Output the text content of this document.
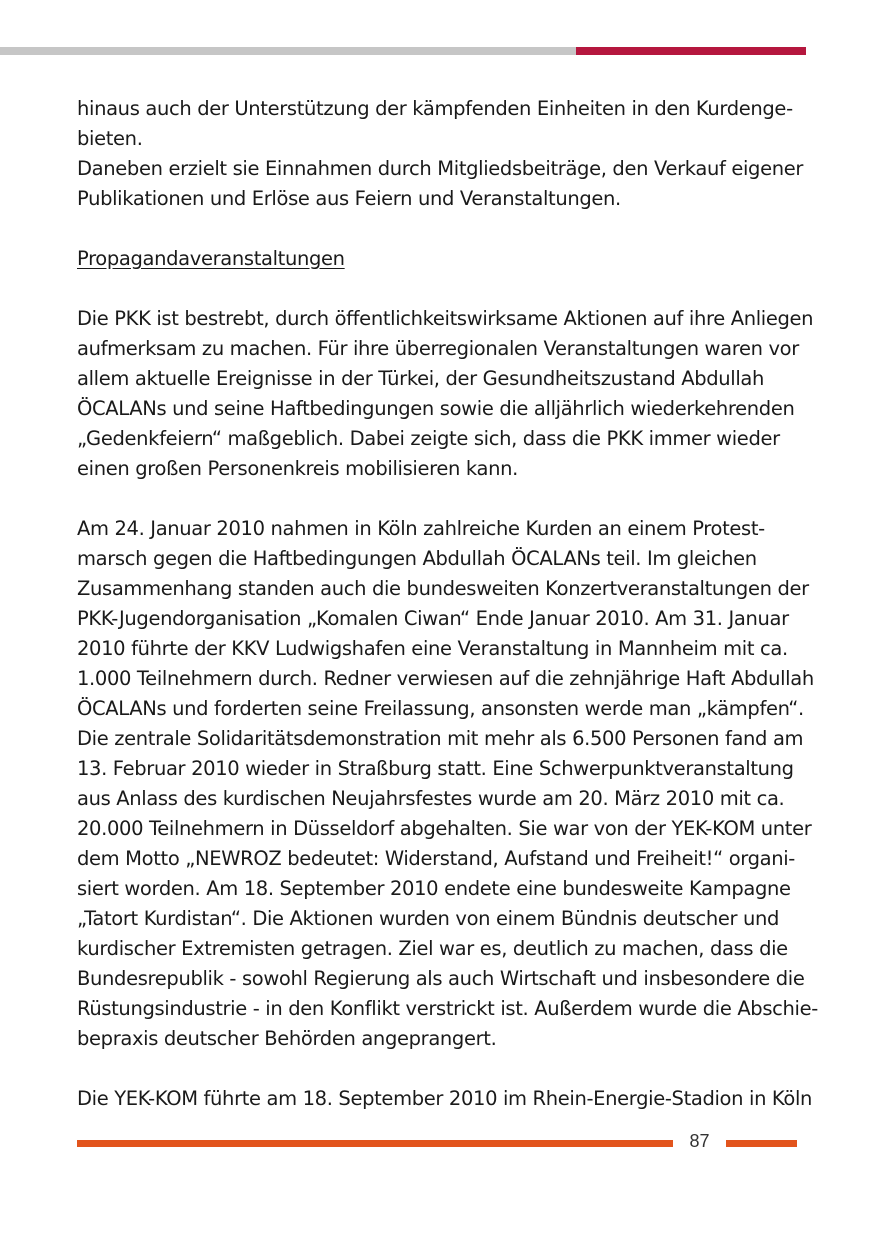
hinaus auch der Unterstützung der kämpfenden Einheiten in den Kurdenge-
bieten.
Daneben erzielt sie Einnahmen durch Mitgliedsbeiträge, den Verkauf eigener
Publikationen und Erlöse aus Feiern und Veranstaltungen.
Propagandaveranstaltungen
Die PKK ist bestrebt, durch öffentlichkeitswirksame Aktionen auf ihre Anliegen
aufmerksam zu machen. Für ihre überregionalen Veranstaltungen waren vor
allem aktuelle Ereignisse in der Türkei, der Gesundheitszustand Abdullah
ÖCALANs und seine Haftbedingungen sowie die alljährlich wiederkehrenden
„Gedenkfeiern“ maßgeblich. Dabei zeigte sich, dass die PKK immer wieder
einen großen Personenkreis mobilisieren kann.
Am 24. Januar 2010 nahmen in Köln zahlreiche Kurden an einem Protest-
marsch gegen die Haftbedingungen Abdullah ÖCALANs teil. Im gleichen
Zusammenhang standen auch die bundesweiten Konzertveranstaltungen der
PKK-Jugendorganisation „Komalen Ciwan“ Ende Januar 2010. Am 31. Januar
2010 führte der KKV Ludwigshafen eine Veranstaltung in Mannheim mit ca.
1.000 Teilnehmern durch. Redner verwiesen auf die zehnjährige Haft Abdullah
ÖCALANs und forderten seine Freilassung, ansonsten werde man „kämpfen“.
Die zentrale Solidaritätsdemonstration mit mehr als 6.500 Personen fand am
13. Februar 2010 wieder in Straßburg statt. Eine Schwerpunktveranstaltung
aus Anlass des kurdischen Neujahrsfestes wurde am 20. März 2010 mit ca.
20.000 Teilnehmern in Düsseldorf abgehalten. Sie war von der YEK-KOM unter
dem Motto „NEWROZ bedeutet: Widerstand, Aufstand und Freiheit!“ organi-
siert worden. Am 18. September 2010 endete eine bundesweite Kampagne
„Tatort Kurdistan“. Die Aktionen wurden von einem Bündnis deutscher und
kurdischer Extremisten getragen. Ziel war es, deutlich zu machen, dass die
Bundesrepublik - sowohl Regierung als auch Wirtschaft und insbesondere die
Rüstungsindustrie - in den Konflikt verstrickt ist. Außerdem wurde die Abschie-
bepraxis deutscher Behörden angeprangert.
Die YEK-KOM führte am 18. September 2010 im Rhein-Energie-Stadion in Köln
87
